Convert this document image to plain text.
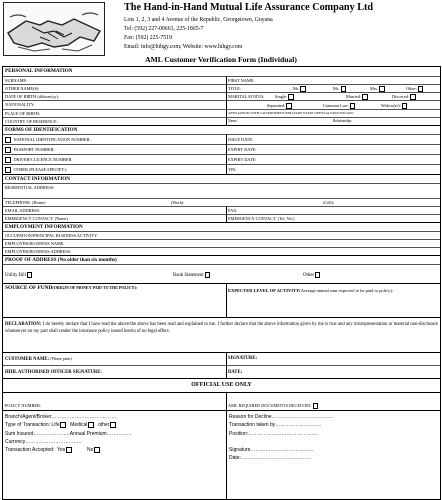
The Hand-in-Hand Mutual Life Assurance Company Ltd
Lots 1, 2, 3 and 4 Avenue of the Republic, Georgetown, Guyana
Tel: (592) 227-00663, 225-1865-7
Fax: (592) 225-7519
Email: info@hihgy.com; Website: www.hihgy.com
AML Customer Verification Form (Individual)
PERSONAL INFORMATION
SURNAME:	FIRST NAME:
OTHER NAME(S):	TITLE:	Mr.	Ms.	Mrs.	Other:
DATE OF BIRTH (dd/mm/yy):	MARITAL STATUS	Single:	Married:	Divorced:
NATIONALITY:	Separated:	Common Law:	Widow(er):
PLACE OF BIRTH:	AFFILIATION WITH GOVERNMENT/MILITARY/STATE OFFICIALS/POLITICIAN:
COUNTRY OF RESIDENCE:	Name:	Relationship:
FORMS OF IDENTIFICATION
NATIONAL IDENTIFICATION NUMBER:	ISSUE DATE:
PASSPORT NUMBER:	EXPIRY DATE:
DRIVER'S LICENCE NUMBER:	EXPIRY DATE:
OTHER (PLEASE SPECIFY):	TIN:
CONTACT INFORMATION
RESIDENTIAL ADDRESS:
TELEPHONE: (Home)	(Work):	(Cell):
EMAIL ADDRESS:	FAX:
EMERGENCY CONTACT: (Name)	EMERGENCY CONTACT: (Tel. No.)
EMPLOYMENT INFORMATION
OCCUPATION/PRINCIPAL BUSINESS ACTIVITY:
EMPLOYER/BUSINESS NAME:
EMPLOYER/BUSINESS ADDRESS:
PROOF OF ADDRESS (No older than six months)
Utility Bill	Bank Statement	Other
SOURCE OF FUND(ORIGIN OF MONEY PAID TO THE POLICY):
EXPECTED LEVEL OF ACTIVITY(Average annual sum expected to be paid to policy):
DECLARATION: I do hereby declare that I have read the above/the above has been read and explained to me. I further declare that the above information given by me is true and any misrepresentation or material non-disclosure whatsoever on my part shall render the insurance policy issued herein of no legal effect.
CUSTOMER NAME: (Please print)	SIGNATURE:
HIHL AUTHORISED OFFICER SIGNATURE:	DATE:
OFFICIAL USE ONLY
POLICY NUMBER:	AML REQUIRED DOCUMENTS RECEIVED:
Branch/Agent/Broker…………………………………
Type of Transaction: Life Medical other
Sum Insured………………….Annual Premium……………
Currency…………………………….
Transaction Accepted: Yes	No
Reason for Decline……………………………….
Transaction taken by…………………….…
Position:……………………………………
Signature……………………………..…
Date:……………………………………
